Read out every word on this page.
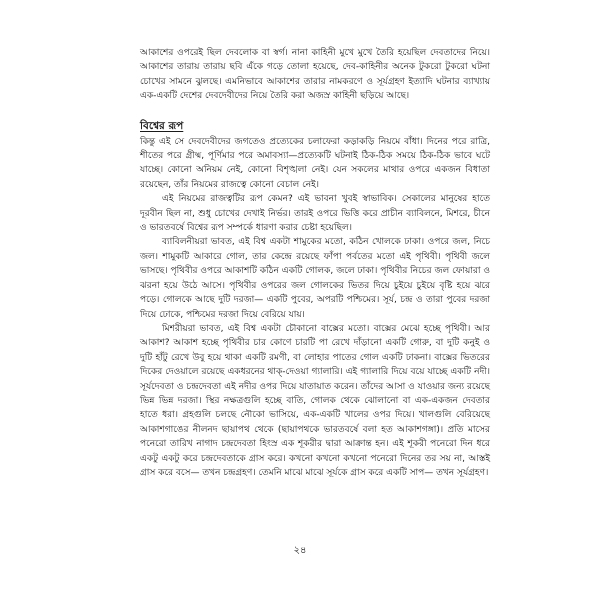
আকাশের ওপরেই ছিল দেবলোক বা স্বর্গ। নানা কাহিনী মুখে মুখে তৈরি হয়েছিল দেবতাদের নিয়ে। আকাশের তারায় তারায় ছবি এঁকে গড়ে তোলা হয়েছে, দেব-কাহিনীর অনেক টুকরো টুকরো ঘটনা চোখের সামনে ঝুলছে। এমনিভাবে আকাশের তারার নামকরণে ও সূর্যগ্রহণ ইত্যাদি ঘটনার ব্যাখ্যায় এক-একটি দেশের দেবদেবীদের নিয়ে তৈরি করা অজস্র কাহিনী ছড়িয়ে আছে।

বিশ্বের রূপ

কিন্তু এই সে দেবদেবীদের জগতেও প্রত্যেকের চলাফেরা কড়াকড়ি নিয়মে বাঁধা। দিনের পরে রাত্রি, শীতের পরে গ্রীষ্ম, পূর্ণিমার পরে অমাবস্যা—প্রত্যেকটি ঘটনাই ঠিক-ঠিক সময়ে ঠিক-ঠিক ভাবে ঘটে যাচ্ছে। কোনো অনিয়ম নেই, কোনো বিশৃঙ্খলা নেই। যেন সকলের মাথার ওপরে একজন বিধাতা রয়েছেন, তাঁর নিয়মের রাজত্বে কোনো বেচাল নেই।

এই নিয়মের রাজত্বটির রূপ কেমন? এই ভাবনা খুবই স্বাভাবিক। সেকালের মানুষের হাতে দূরবীন ছিল না, শুধু চোখের দেখাই নির্ভর। তারই ওপরে ভিত্তি করে প্রাচীন ব্যাবিলনে, মিশরে, চীনে ও ভারতবর্ষে বিশ্বের রূপ সম্পর্কে ধারণা করার চেষ্টা হয়েছিল।

ব্যাবিলনীয়রা ভাবত, এই বিশ্ব একটা শামুকের মতো, কঠিন খোলকে ঢাকা। ওপরে জল, নিচে জল। শামুকটি আকারে গোল, তার কেন্দ্রে রয়েছে ফাঁপা পর্বতের মতো এই পৃথিবী। পৃথিবী জলে ভাসছে। পৃথিবীর ওপরে আকাশটি কঠিন একটি গোলক, জলে ঢাকা। পৃথিবীর নিচের জল ফোয়ারা ও ঝরনা হয়ে উঠে আসে। পৃথিবীর ওপরের জল গোলকের ভিতর দিয়ে চুইয়ে চুইয়ে বৃষ্টি হয়ে ঝরে পড়ে। গোলকে আছে দুটি দরজা— একটি পুবের, অপরটি পশ্চিমের। সূর্য, চন্দ্র ও তারা পুবের দরজা দিয়ে ঢোকে, পশ্চিমের দরজা দিয়ে বেরিয়ে যায়।

মিশরীয়রা ভাবত, এই বিশ্ব একটা চৌকানো বাক্সের মতো। বাক্সের মেঝে হচ্ছে পৃথিবী। আর আকাশ? আকাশ হচ্ছে পৃথিবীর চার কোণে চারটি পা রেখে দাঁড়ানো একটি গোরু, বা দুটি কনুই ও দুটি হাঁটু রেখে উবু হয়ে থাকা একটি রমণী, বা লোহার পাতের গোল একটি ঢাকনা। বাক্সের ভিতরের দিকের দেওয়ালে রয়েছে একধরনের থাক্‌-দেওয়া গ্যালারি। এই গ্যালারি দিয়ে বয়ে যাচ্ছে একটি নদী। সূর্যদেবতা ও চন্দ্রদেবতা এই নদীর ওপর দিয়ে যাতায়াত করেন। তাঁদের আসা ও যাওয়ার জন্য রয়েছে ভিন্ন ভিন্ন দরজা। স্থির নক্ষত্রগুলি হচ্ছে বাতি, গোলক থেকে ঝোলানো বা এক-একজন দেবতার হাতে ধরা। গ্রহগুলি চলছে নৌকো ভাসিয়ে, এক-একটি খালের ওপর দিয়ে। খালগুলি বেরিয়েছে আকাশগাঙের নীলনদ ছায়াপথ থেকে (ছায়াপথকে ভারতবর্ষে বলা হত আকাশগঙ্গা)। প্রতি মাসের পনেরো তারিখ নাগাদ চন্দ্রদেবতা হিংস্র এক শূকরীর দ্বারা আক্রান্ত হন। এই শূকরী পনেরো দিন ধরে একটু একটু করে চন্দ্রদেবতাকে গ্রাস করে। কখনো কখনো কখনো পনেরো দিনের তর সয় না, আস্তই গ্রাস করে বসে— তখন চন্দ্রগ্রহণ। তেমনি মাঝে মাঝে সূর্যকে গ্রাস করে একটি সাপ— তখন সূর্যগ্রহণ।

২৪
